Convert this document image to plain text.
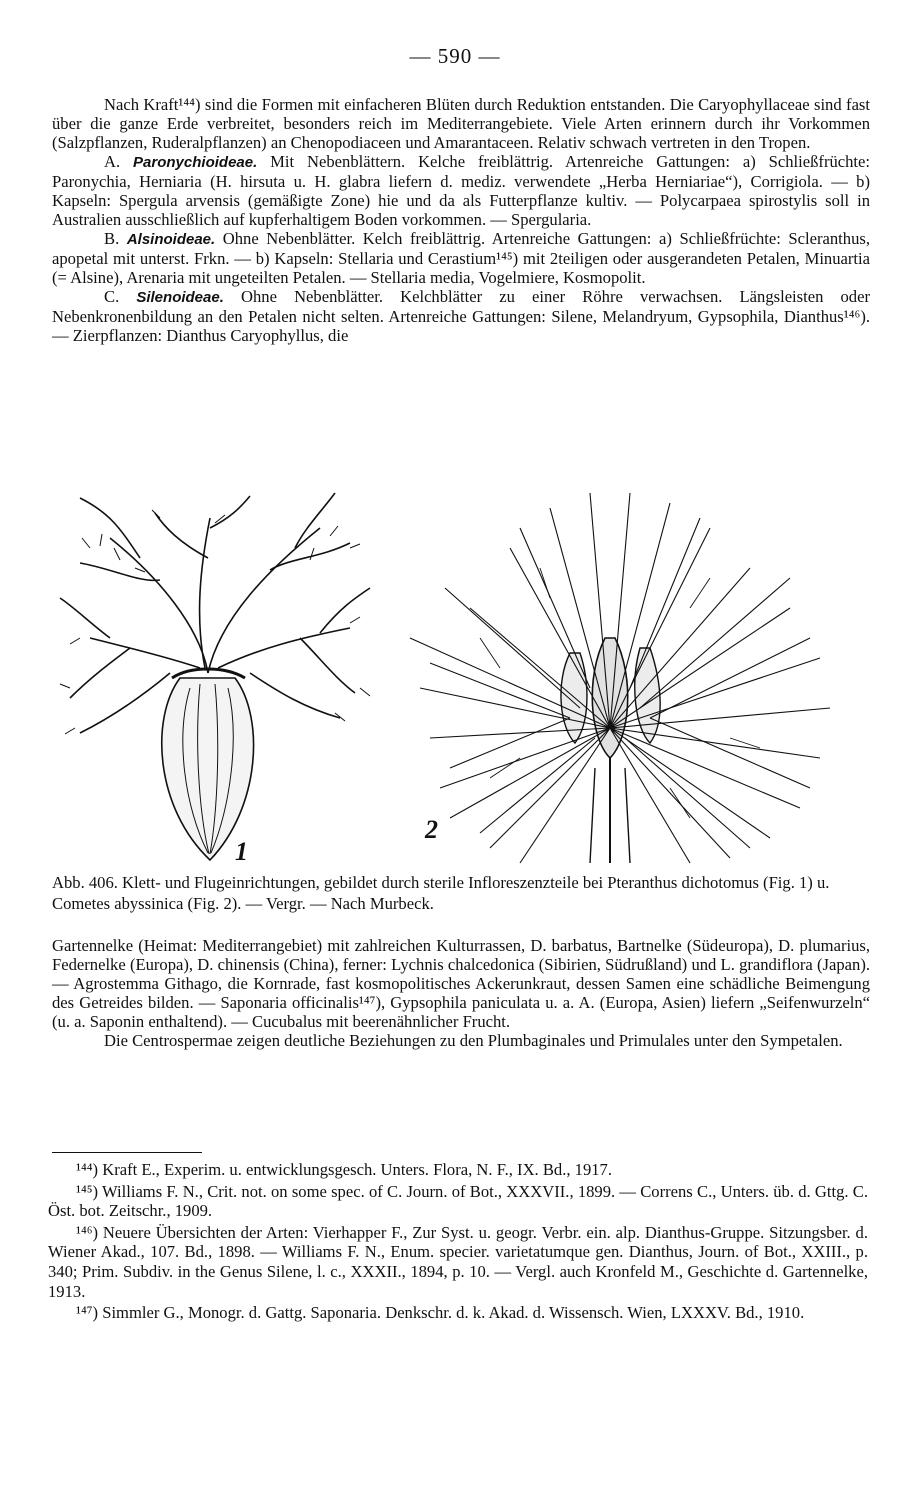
— 590 —

Nach Kraft¹⁴⁴) sind die Formen mit einfacheren Blüten durch Reduktion entstanden. Die Caryophyllaceae sind fast über die ganze Erde verbreitet, besonders reich im Mediterrangebiete. Viele Arten erinnern durch ihr Vorkommen (Salzpflanzen, Ruderalpflanzen) an Chenopodiaceen und Amarantaceen. Relativ schwach vertreten in den Tropen.

A. Paronychioideae. Mit Nebenblättern. Kelche freiblättrig. Artenreiche Gattungen: a) Schließfrüchte: Paronychia, Herniaria (H. hirsuta u. H. glabra liefern d. mediz. verwendete „Herba Herniariae“), Corrigiola. — b) Kapseln: Spergula arvensis (gemäßigte Zone) hie und da als Futterpflanze kultiv. — Polycarpaea spirostylis soll in Australien ausschließlich auf kupferhaltigem Boden vorkommen. — Spergularia.

B. Alsinoideae. Ohne Nebenblätter. Kelch freiblättrig. Artenreiche Gattungen: a) Schließfrüchte: Scleranthus, apopetal mit unterst. Frkn. — b) Kapseln: Stellaria und Cerastium¹⁴⁵) mit 2teiligen oder ausgerandeten Petalen, Minuartia (= Alsine), Arenaria mit ungeteilten Petalen. — Stellaria media, Vogelmiere, Kosmopolit.

C. Silenoideae. Ohne Nebenblätter. Kelchblätter zu einer Röhre verwachsen. Längsleisten oder Nebenkronenbildung an den Petalen nicht selten. Artenreiche Gattungen: Silene, Melandryum, Gypsophila, Dianthus¹⁴⁶). — Zierpflanzen: Dianthus Caryophyllus, die

1
2
Abb. 406. Klett- und Flugeinrichtungen, gebildet durch sterile Infloreszenzteile bei Pteranthus dichotomus (Fig. 1) u. Cometes abyssinica (Fig. 2). — Vergr. — Nach Murbeck.

Gartennelke (Heimat: Mediterrangebiet) mit zahlreichen Kulturrassen, D. barbatus, Bartnelke (Südeuropa), D. plumarius, Federnelke (Europa), D. chinensis (China), ferner: Lychnis chalcedonica (Sibirien, Südrußland) und L. grandiflora (Japan). — Agrostemma Githago, die Kornrade, fast kosmopolitisches Ackerunkraut, dessen Samen eine schädliche Beimengung des Getreides bilden. — Saponaria officinalis¹⁴⁷), Gypsophila paniculata u. a. A. (Europa, Asien) liefern „Seifenwurzeln“ (u. a. Saponin enthaltend). — Cucubalus mit beerenähnlicher Frucht.

Die Centrospermae zeigen deutliche Beziehungen zu den Plumbaginales und Primulales unter den Sympetalen.

¹⁴⁴) Kraft E., Experim. u. entwicklungsgesch. Unters. Flora, N. F., IX. Bd., 1917.

¹⁴⁵) Williams F. N., Crit. not. on some spec. of C. Journ. of Bot., XXXVII., 1899. — Correns C., Unters. üb. d. Gttg. C. Öst. bot. Zeitschr., 1909.

¹⁴⁶) Neuere Übersichten der Arten: Vierhapper F., Zur Syst. u. geogr. Verbr. ein. alp. Dianthus-Gruppe. Sitzungsber. d. Wiener Akad., 107. Bd., 1898. — Williams F. N., Enum. specier. varietatumque gen. Dianthus, Journ. of Bot., XXIII., p. 340; Prim. Subdiv. in the Genus Silene, l. c., XXXII., 1894, p. 10. — Vergl. auch Kronfeld M., Geschichte d. Gartennelke, 1913.

¹⁴⁷) Simmler G., Monogr. d. Gattg. Saponaria. Denkschr. d. k. Akad. d. Wissensch. Wien, LXXXV. Bd., 1910.
